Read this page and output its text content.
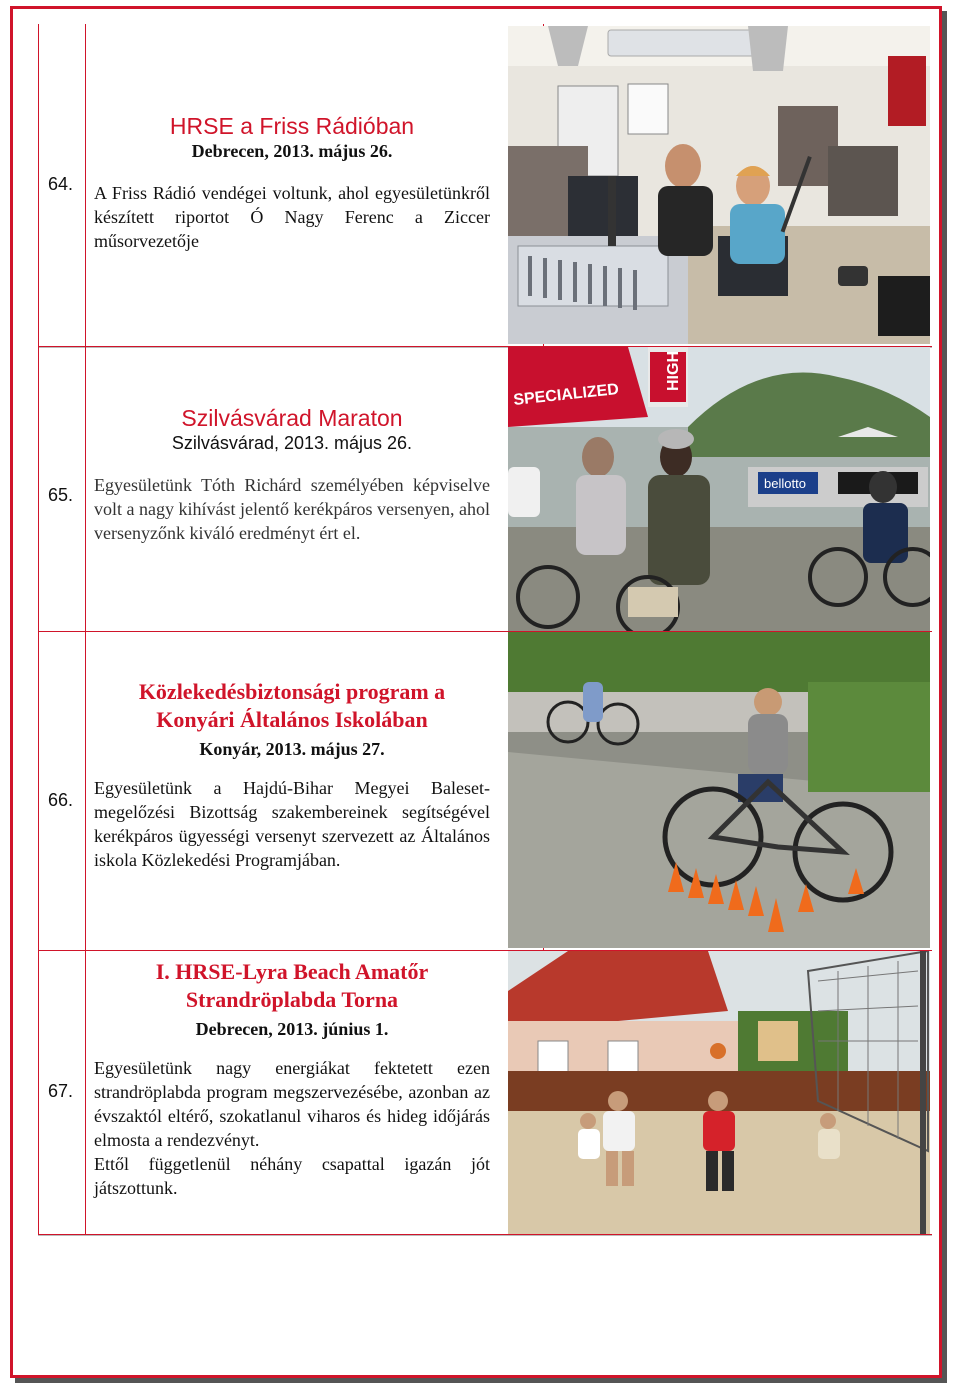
64.
HRSE a Friss Rádióban
Debrecen, 2013. május 26.
A Friss Rádió vendégei voltunk, ahol egyesületünkről készített riportot Ó Nagy Ferenc a Ziccer műsorvezetője
65.
Szilvásvárad Maraton
Szilvásvárad, 2013. május 26.
Egyesületünk Tóth Richárd személyében képviselve volt a nagy kihívást jelentő kerékpáros versenyen, ahol versenyzőnk kiváló eredményt ért el.
SPECIALIZED
HIGH
bellotto
66.
Közlekedésbiztonsági program a
Konyári Általános Iskolában
Konyár, 2013. május 27.
Egyesületünk a Hajdú-Bihar Megyei Baleset-megelőzési Bizottság szakembereinek segítségével kerékpáros ügyességi versenyt szervezett az Általános iskola Közlekedési Programjában.
67.
I. HRSE-Lyra Beach Amatőr
Strandröplabda Torna
Debrecen, 2013. június 1.
Egyesületünk nagy energiákat fektetett ezen strandröplabda program megszervezésébe, azonban az évszaktól eltérő, szokatlanul viharos és hideg időjárás elmosta a rendezvényt.
Ettől függetlenül néhány csapattal igazán jót játszottunk.
